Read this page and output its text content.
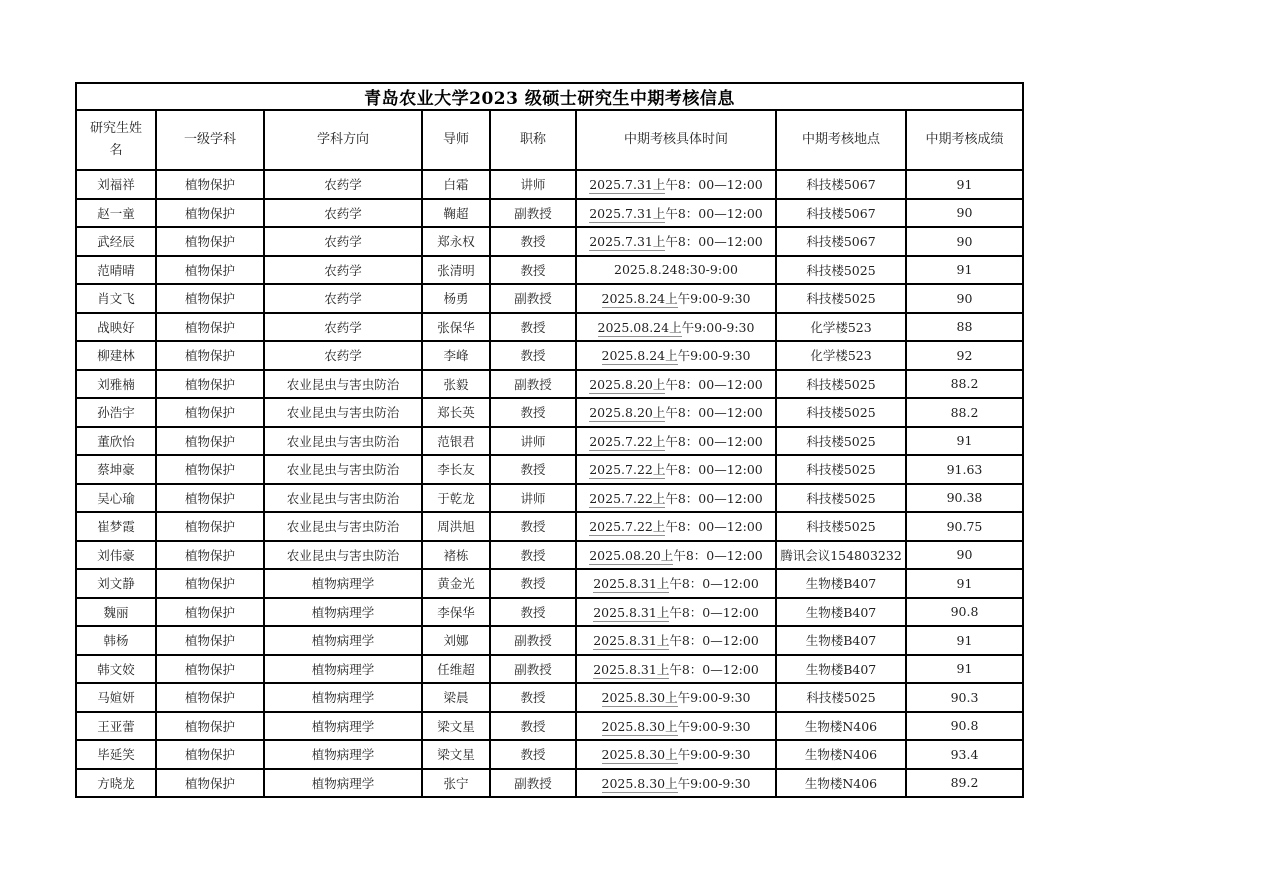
青岛农业大学2023 级硕士研究生中期考核信息							
研究生姓名	一级学科	学科方向	导师	职称	中期考核具体时间	中期考核地点	中期考核成绩
刘福祥	植物保护	农药学	白霜	讲师	2025.7.31上午8：00—12:00	科技楼5067	91
赵一童	植物保护	农药学	鞠超	副教授	2025.7.31上午8：00—12:00	科技楼5067	90
武经辰	植物保护	农药学	郑永权	教授	2025.7.31上午8：00—12:00	科技楼5067	90
范晴晴	植物保护	农药学	张清明	教授	2025.8.248:30-9:00	科技楼5025	91
肖文飞	植物保护	农药学	杨勇	副教授	2025.8.24上午9:00-9:30	科技楼5025	90
战映好	植物保护	农药学	张保华	教授	2025.08.24上午9:00-9:30	化学楼523	88
柳建林	植物保护	农药学	李峰	教授	2025.8.24上午9:00-9:30	化学楼523	92
刘雅楠	植物保护	农业昆虫与害虫防治	张毅	副教授	2025.8.20上午8：00—12:00	科技楼5025	88.2
孙浩宇	植物保护	农业昆虫与害虫防治	郑长英	教授	2025.8.20上午8：00—12:00	科技楼5025	88.2
董欣怡	植物保护	农业昆虫与害虫防治	范银君	讲师	2025.7.22上午8：00—12:00	科技楼5025	91
蔡坤豪	植物保护	农业昆虫与害虫防治	李长友	教授	2025.7.22上午8：00—12:00	科技楼5025	91.63
吴心瑜	植物保护	农业昆虫与害虫防治	于乾龙	讲师	2025.7.22上午8：00—12:00	科技楼5025	90.38
崔梦霞	植物保护	农业昆虫与害虫防治	周洪旭	教授	2025.7.22上午8：00—12:00	科技楼5025	90.75
刘伟豪	植物保护	农业昆虫与害虫防治	褚栋	教授	2025.08.20上午8：0—12:00	腾讯会议154803232	90
刘文静	植物保护	植物病理学	黄金光	教授	2025.8.31上午8：0—12:00	生物楼B407	91
魏丽	植物保护	植物病理学	李保华	教授	2025.8.31上午8：0—12:00	生物楼B407	90.8
韩杨	植物保护	植物病理学	刘娜	副教授	2025.8.31上午8：0—12:00	生物楼B407	91
韩文姣	植物保护	植物病理学	任维超	副教授	2025.8.31上午8：0—12:00	生物楼B407	91
马媗妍	植物保护	植物病理学	梁晨	教授	2025.8.30上午9:00-9:30	科技楼5025	90.3
王亚蕾	植物保护	植物病理学	梁文星	教授	2025.8.30上午9:00-9:30	生物楼N406	90.8
毕延笑	植物保护	植物病理学	梁文星	教授	2025.8.30上午9:00-9:30	生物楼N406	93.4
方晓龙	植物保护	植物病理学	张宁	副教授	2025.8.30上午9:00-9:30	生物楼N406	89.2
